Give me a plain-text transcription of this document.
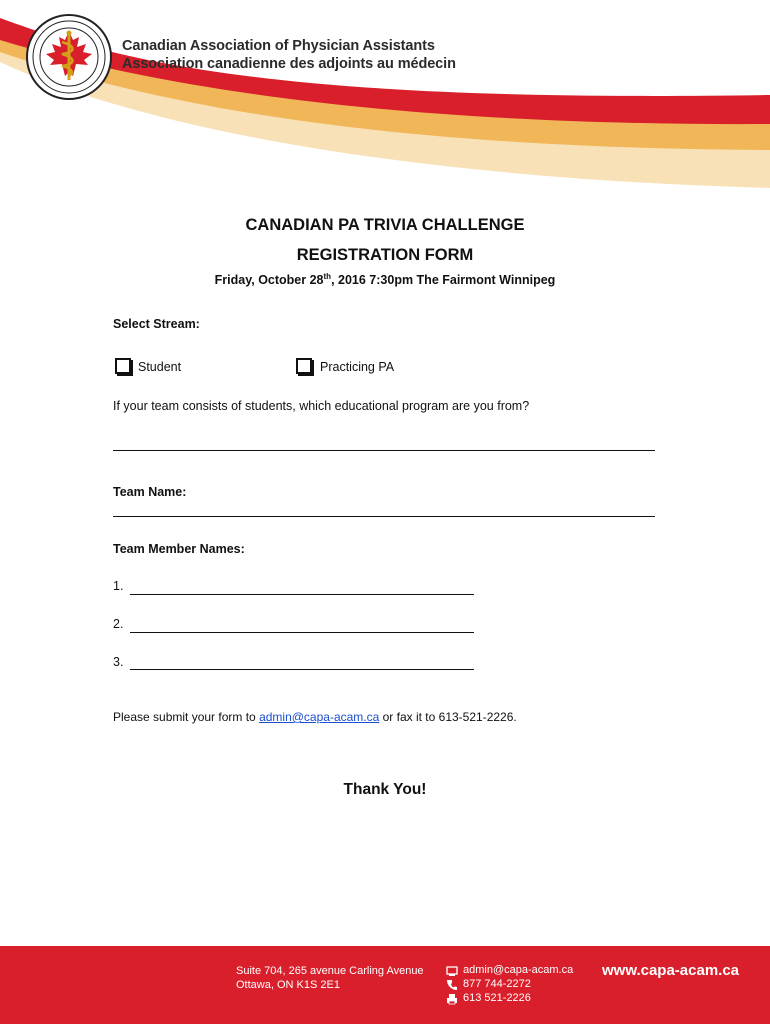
Canadian Association of Physician Assistants
Association canadienne des adjoints au médecin
CANADIAN PA TRIVIA CHALLENGE
REGISTRATION FORM
Friday, October 28th, 2016 7:30pm The Fairmont Winnipeg
Select Stream:
Student	Practicing PA
If your team consists of students, which educational program are you from?
Team Name:
Team Member Names:
1.
2.
3.
Please submit your form to admin@capa-acam.ca or fax it to 613-521-2226.
Thank You!
Suite 704, 265 avenue Carling Avenue
Ottawa, ON K1S 2E1
admin@capa-acam.ca
877 744-2272
613 521-2226
www.capa-acam.ca
